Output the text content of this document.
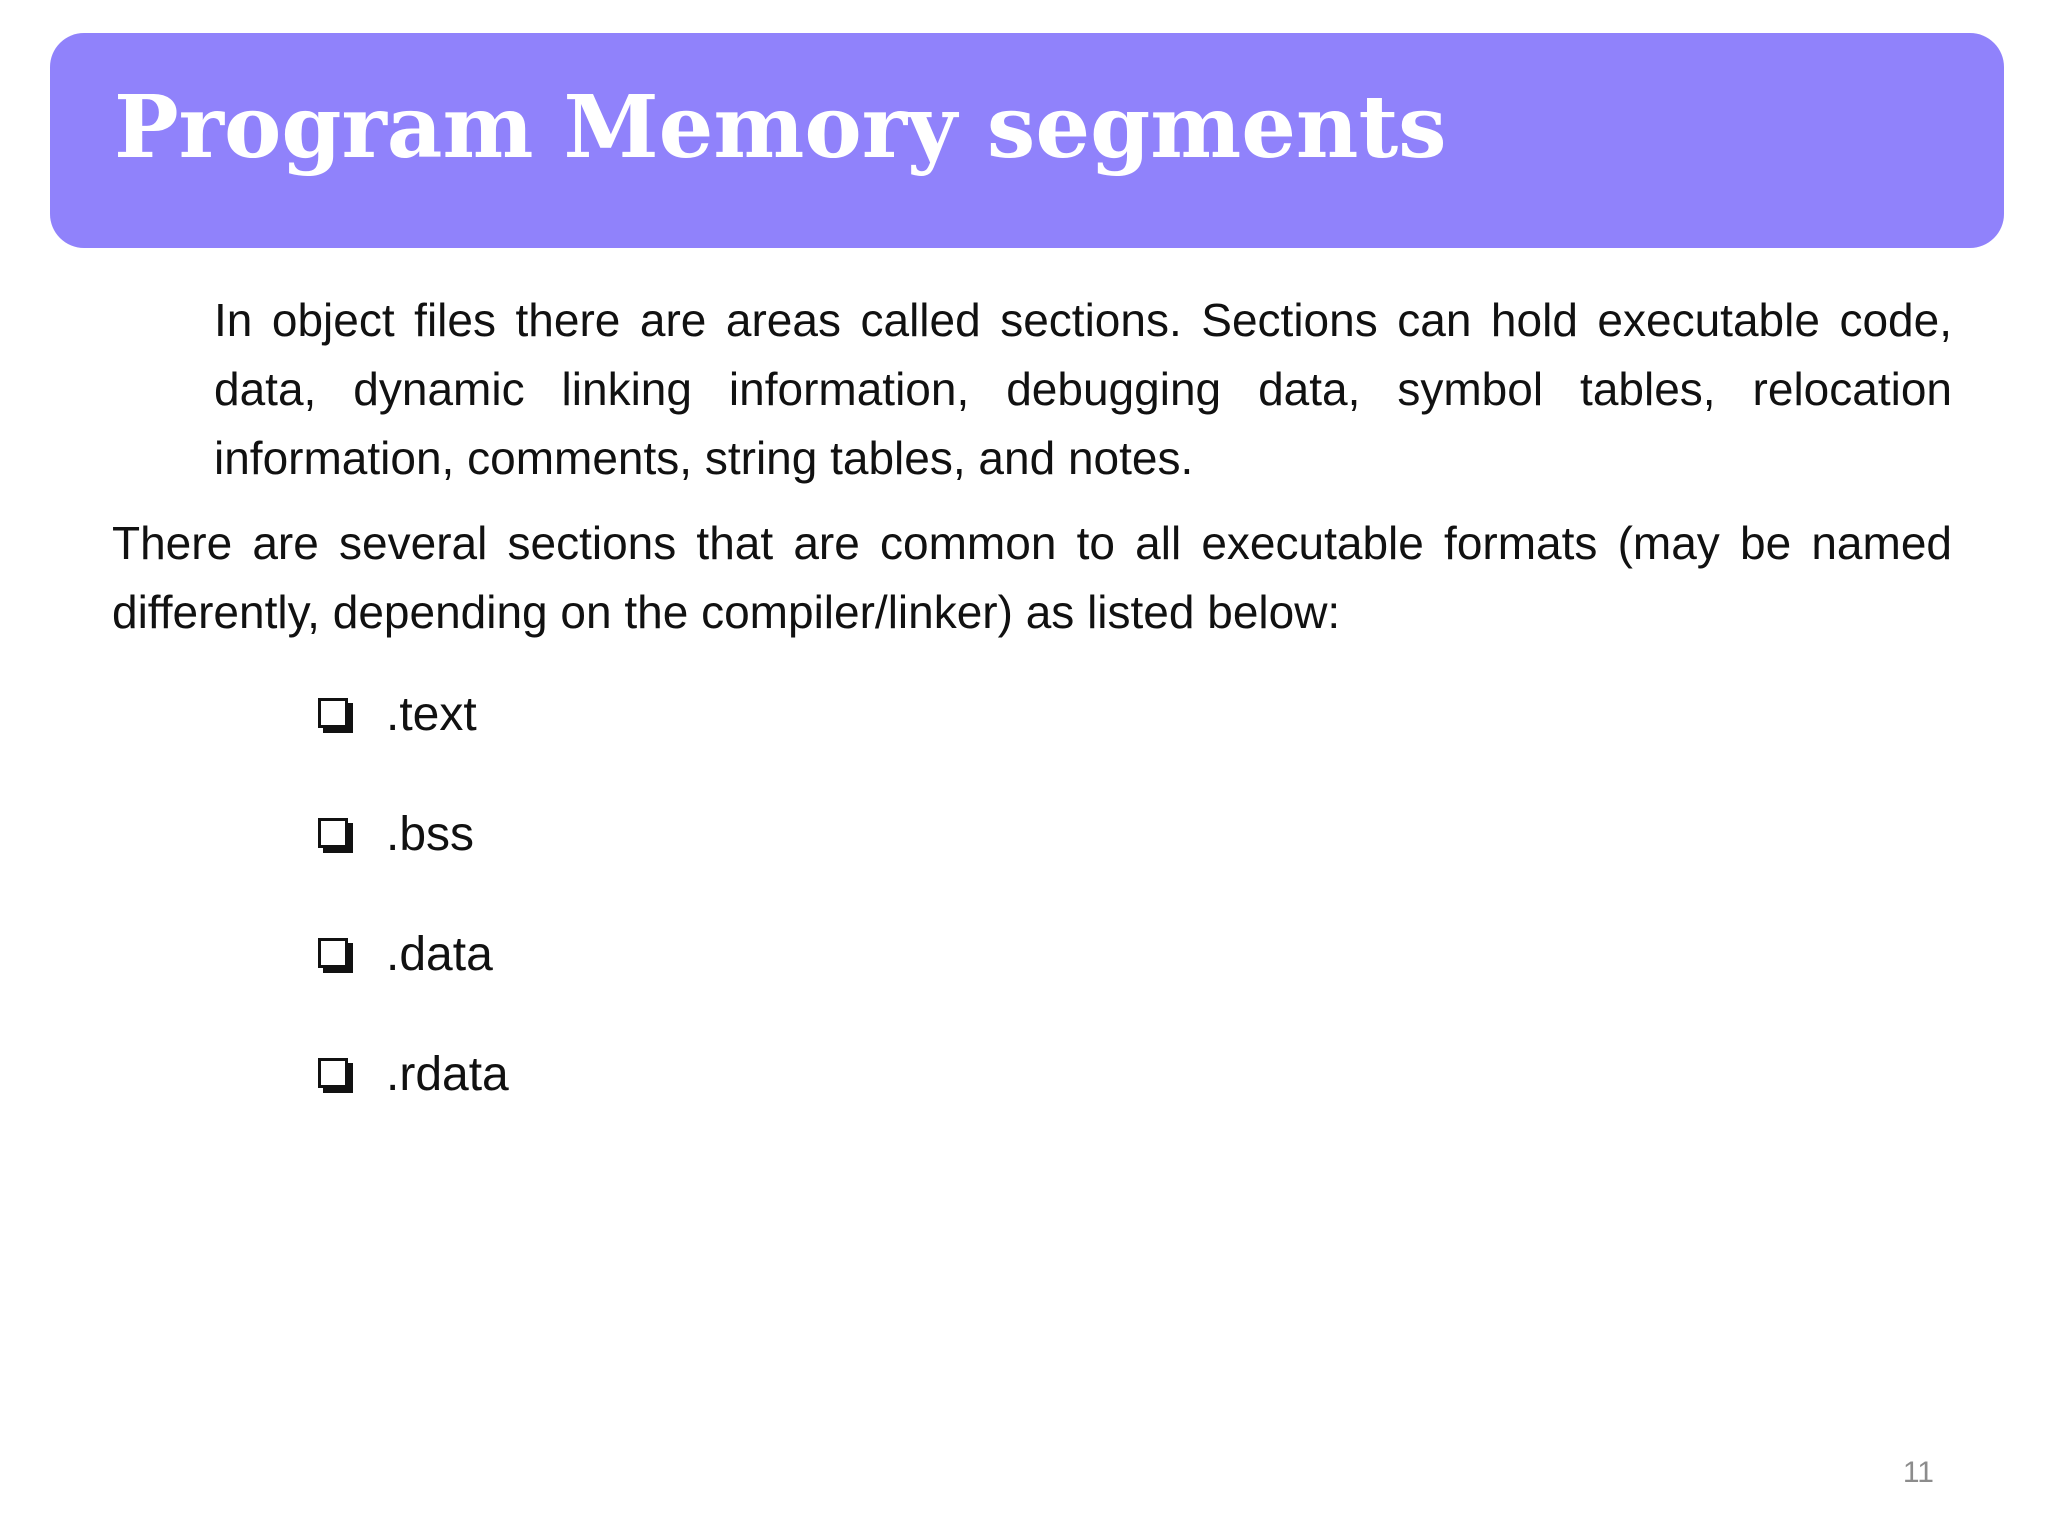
Program Memory segments

In object files there are areas called sections. Sections can hold executable code, data, dynamic linking information, debugging data, symbol tables, relocation information, comments, string tables, and notes.

There are several sections that are common to all executable formats (may be named differently, depending on the compiler/linker) as listed below:

.text
.bss
.data
.rdata
11
